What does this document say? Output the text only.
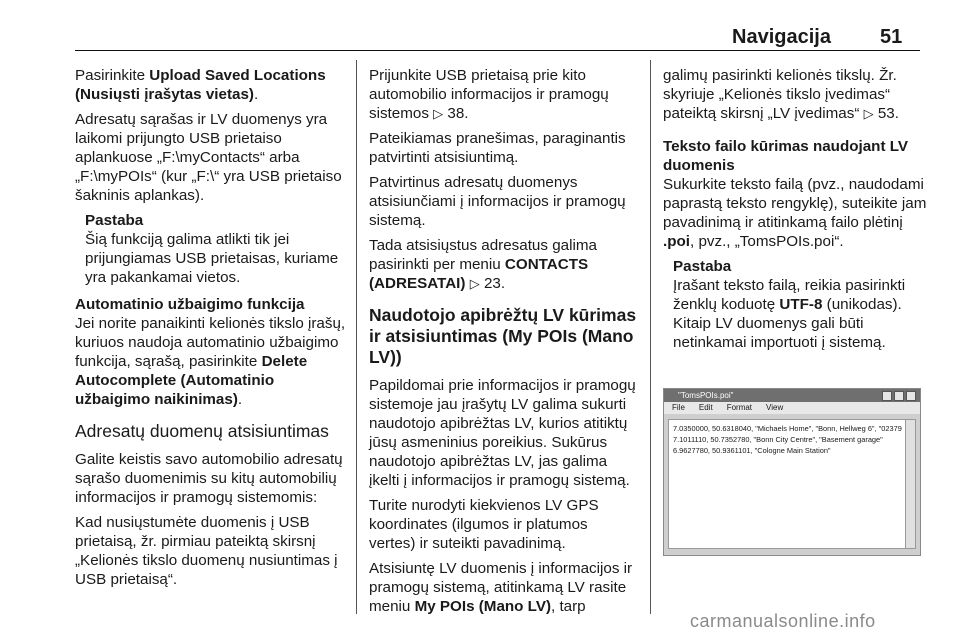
Navigacija 51

Pasirinkite Upload Saved Locations (Nusiųsti įrašytas vietas).

Adresatų sąrašas ir LV duomenys yra laikomi prijungto USB prietaiso aplankuose „F:\myContacts“ arba „F:\myPOIs“ (kur „F:\“ yra USB prietaiso šakninis aplankas).

Pastaba
Šią funkciją galima atlikti tik jei prijungiamas USB prietaisas, kuriame yra pakankamai vietos.
Automatinio užbaigimo funkcija

Jei norite panaikinti kelionės tikslo įrašų, kuriuos naudoja automatinio užbaigimo funkcija, sąrašą, pasirinkite Delete Autocomplete (Automatinio užbaigimo naikinimas).

Adresatų duomenų atsisiuntimas

Galite keistis savo automobilio adresatų sąrašo duomenimis su kitų automobilių informacijos ir pramogų sistemomis:

Kad nusiųstumėte duomenis į USB prietaisą, žr. pirmiau pateiktą skirsnį „Kelionės tikslo duomenų nusiuntimas į USB prietaisą“.

Prijunkite USB prietaisą prie kito automobilio informacijos ir pramogų sistemos ▷ 38.

Pateikiamas pranešimas, paraginantis patvirtinti atsisiuntimą.

Patvirtinus adresatų duomenys atsisiunčiami į informacijos ir pramogų sistemą.

Tada atsisiųstus adresatus galima pasirinkti per meniu CONTACTS (ADRESATAI) ▷ 23.

Naudotojo apibrėžtų LV kūrimas ir atsisiuntimas (My POIs (Mano LV))

Papildomai prie informacijos ir pramogų sistemoje jau įrašytų LV galima sukurti naudotojo apibrėžtas LV, kurios atitiktų jūsų asmeninius poreikius. Sukūrus naudotojo apibrėžtas LV, jas galima įkelti į informacijos ir pramogų sistemą.

Turite nurodyti kiekvienos LV GPS koordinates (ilgumos ir platumos vertes) ir suteikti pavadinimą.

Atsisiuntę LV duomenis į informacijos ir pramogų sistemą, atitinkamą LV rasite meniu My POIs (Mano LV), tarp

galimų pasirinkti kelionės tikslų. Žr. skyriuje „Kelionės tikslo įvedimas“ pateiktą skirsnį „LV įvedimas“ ▷ 53.

Teksto failo kūrimas naudojant LV duomenis

Sukurkite teksto failą (pvz., naudodami paprastą teksto rengyklę), suteikite jam pavadinimą ir atitinkamą failo plėtinį .poi, pvz., „TomsPOIs.poi“.

Pastaba
Įrašant teksto failą, reikia pasirinkti ženklų koduotę UTF-8 (unikodas). Kitaip LV duomenys gali būti netinkamai importuoti į sistemą.
"TomsPOIs.poi"
File Edit Format View
7.0350000, 50.6318040, "Michaels Home", "Bonn, Hellweg 6", "02379
7.1011110, 50.7352780, "Bonn City Centre", "Basement garage"
6.9627780, 50.9361101, "Cologne Main Station"
carmanualsonline.info
